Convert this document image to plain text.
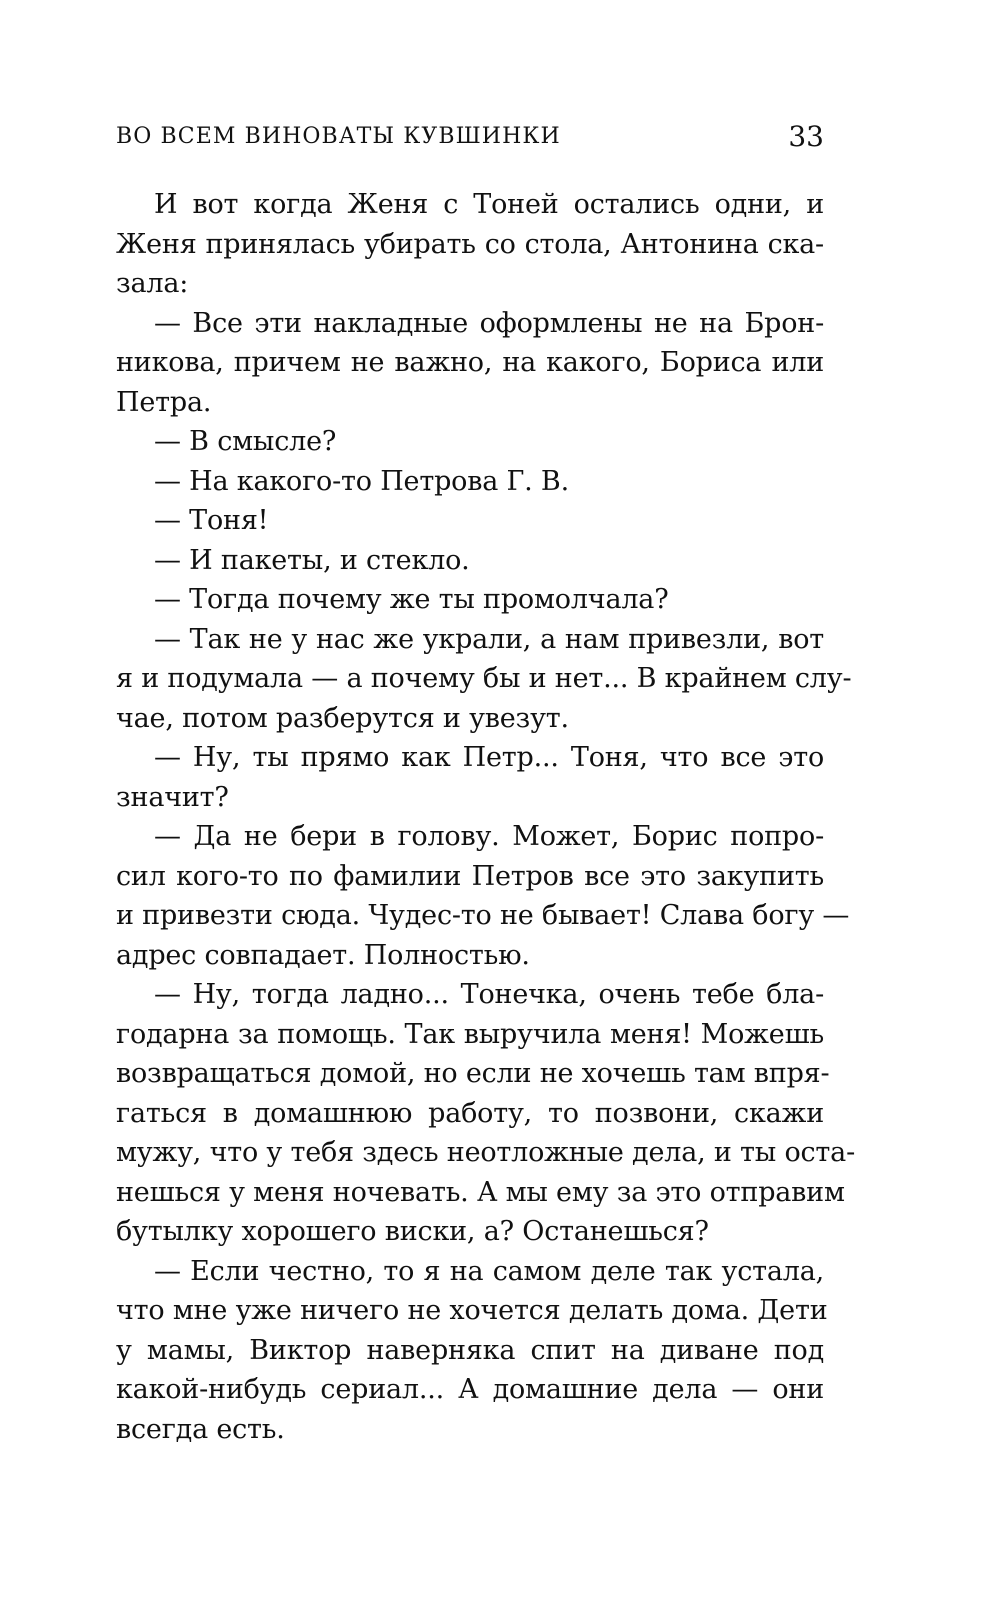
ВО ВСЕМ ВИНОВАТЫ КУВШИНКИ	33
И вот когда Женя с Тоней остались одни, и
Женя принялась убирать со стола, Антонина ска-
зала:
— Все эти накладные оформлены не на Брон-
никова, причем не важно, на какого, Бориса или
Петра.
— В смысле?
— На какого-то Петрова Г. В.
— Тоня!
— И пакеты, и стекло.
— Тогда почему же ты промолчала?
— Так не у нас же украли, а нам привезли, вот
я и подумала — а почему бы и нет... В крайнем слу-
чае, потом разберутся и увезут.
— Ну, ты прямо как Петр... Тоня, что все это
значит?
— Да не бери в голову. Может, Борис попро-
сил кого-то по фамилии Петров все это закупить
и привезти сюда. Чудес-то не бывает! Слава богу —
адрес совпадает. Полностью.
— Ну, тогда ладно... Тонечка, очень тебе бла-
годарна за помощь. Так выручила меня! Можешь
возвращаться домой, но если не хочешь там впря-
гаться в домашнюю работу, то позвони, скажи
мужу, что у тебя здесь неотложные дела, и ты оста-
нешься у меня ночевать. А мы ему за это отправим
бутылку хорошего виски, а? Останешься?
— Если честно, то я на самом деле так устала,
что мне уже ничего не хочется делать дома. Дети
у мамы, Виктор наверняка спит на диване под
какой-нибудь сериал... А домашние дела — они
всегда есть.
